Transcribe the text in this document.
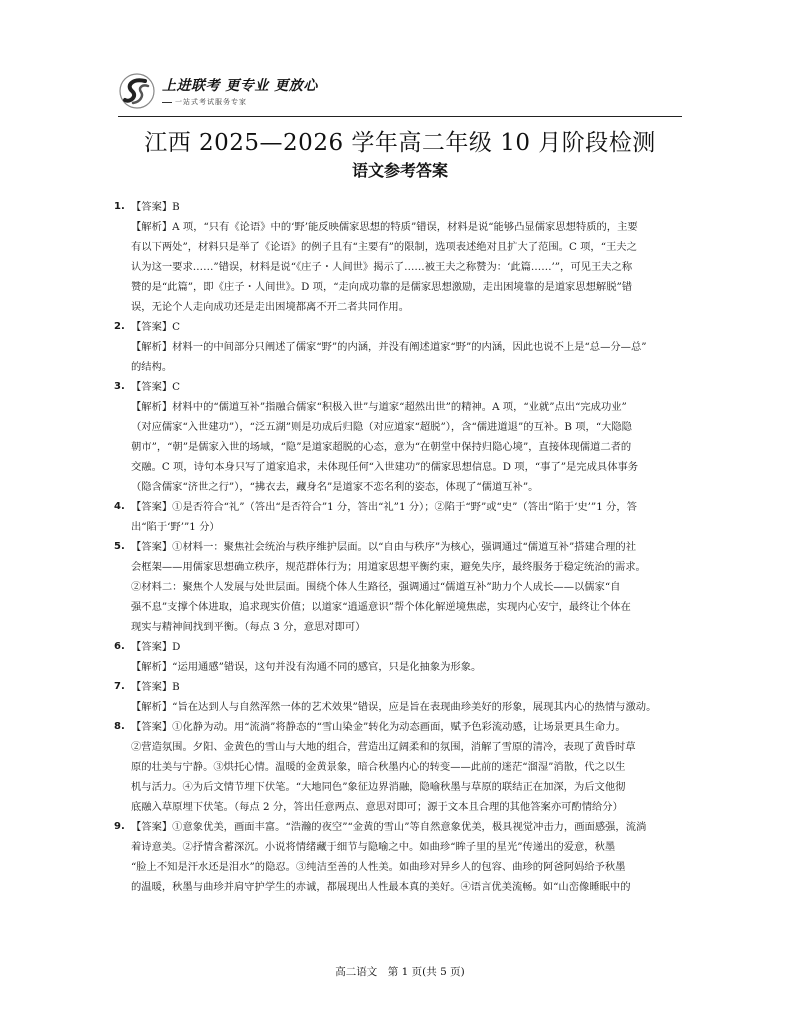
上进联考 更专业 更放心
一站式考试服务专家
江西 2025—2026 学年高二年级 10 月阶段检测
语文参考答案
1. 【答案】B
【解析】A 项，“只有《论语》中的‘野’能反映儒家思想的特质”错误，材料是说“能够凸显儒家思想特质的，主要
有以下两处”，材料只是举了《论语》的例子且有“主要有”的限制，选项表述绝对且扩大了范围。C 项，“王夫之
认为这一要求……”错误，材料是说“《庄子・人间世》揭示了……被王夫之称赞为：‘此篇……’”，可见王夫之称
赞的是“此篇”，即《庄子・人间世》。D 项，“走向成功靠的是儒家思想激励，走出困境靠的是道家思想解脱”错
误，无论个人走向成功还是走出困境都离不开二者共同作用。
2. 【答案】C
【解析】材料一的中间部分只阐述了儒家“野”的内涵，并没有阐述道家“野”的内涵，因此也说不上是“总—分—总”
的结构。
3. 【答案】C
【解析】材料中的“儒道互补”指融合儒家“积极入世”与道家“超然出世”的精神。A 项，“业就”点出“完成功业”
（对应儒家“入世建功”），“泛五湖”则是功成后归隐（对应道家“超脱”），含“儒进道退”的互补。B 项，“大隐隐
朝市”，“朝”是儒家入世的场域，“隐”是道家超脱的心态，意为“在朝堂中保持归隐心境”，直接体现儒道二者的
交融。C 项，诗句本身只写了道家追求，未体现任何“入世建功”的儒家思想信息。D 项，“事了”是完成具体事务
（隐含儒家“济世之行”），“拂衣去，藏身名”是道家不恋名利的姿态，体现了“儒道互补”。
4. 【答案】①是否符合“礼”（答出“是否符合”1 分，答出“礼”1 分）；②陷于“野”或“史”（答出“陷于‘史’”1 分，答
出“陷于‘野’”1 分）
5. 【答案】①材料一：聚焦社会统治与秩序维护层面。以“自由与秩序”为核心，强调通过“儒道互补”搭建合理的社
会框架——用儒家思想确立秩序，规范群体行为；用道家思想平衡约束，避免失序，最终服务于稳定统治的需求。
②材料二：聚焦个人发展与处世层面。围绕个体人生路径，强调通过“儒道互补”助力个人成长——以儒家“自
强不息”支撑个体进取，追求现实价值；以道家“逍遥意识”帮个体化解逆境焦虑，实现内心安宁，最终让个体在
现实与精神间找到平衡。（每点 3 分，意思对即可）
6. 【答案】D
【解析】“运用通感”错误，这句并没有沟通不同的感官，只是化抽象为形象。
7. 【答案】B
【解析】“旨在达到人与自然浑然一体的艺术效果”错误，应是旨在表现曲珍美好的形象，展现其内心的热情与激动。
8. 【答案】①化静为动。用“流淌”将静态的“雪山染金”转化为动态画面，赋予色彩流动感，让场景更具生命力。
②营造氛围。夕阳、金黄色的雪山与大地的组合，营造出辽阔柔和的氛围，消解了雪原的清冷，表现了黄昏时草
原的壮美与宁静。③烘托心情。温暖的金黄景象，暗合秋墨内心的转变——此前的迷茫“溜湿”消散，代之以生
机与活力。④为后文情节埋下伏笔。“大地同色”象征边界消融，隐喻秋墨与草原的联结正在加深，为后文他彻
底融入草原埋下伏笔。（每点 2 分，答出任意两点、意思对即可；源于文本且合理的其他答案亦可酌情给分）
9. 【答案】①意象优美，画面丰富。“浩瀚的夜空”“金黄的雪山”等自然意象优美，极具视觉冲击力，画面感强，流淌
着诗意美。②抒情含蓄深沉。小说将情绪藏于细节与隐喻之中。如曲珍“眸子里的星光”传递出的爱意，秋墨
“脸上不知是汗水还是泪水”的隐忍。③纯洁至善的人性美。如曲珍对异乡人的包容、曲珍的阿爸阿妈给予秋墨
的温暖，秋墨与曲珍并肩守护学生的赤诚，都展现出人性最本真的美好。④语言优美流畅。如“山峦像睡眠中的
高二语文　第 1 页(共 5 页)
